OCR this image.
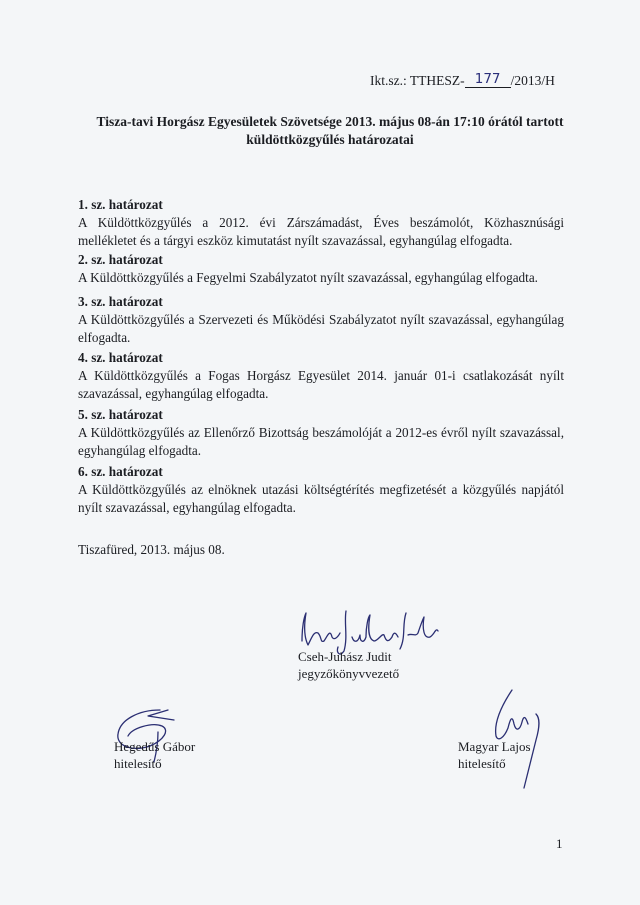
Ikt.sz.: TTHESZ- 177 /2013/H
Tisza-tavi Horgász Egyesületek Szövetsége 2013. május 08-án 17:10 órától tartott
küldöttközgyűlés határozatai
1. sz. határozat

A Küldöttközgyűlés a 2012. évi Zárszámadást, Éves beszámolót, Közhasznúsági mellékletet és a tárgyi eszköz kimutatást nyílt szavazással, egyhangúlag elfogadta.

2. sz. határozat

A Küldöttközgyűlés a Fegyelmi Szabályzatot nyílt szavazással, egyhangúlag elfogadta.

3. sz. határozat

A Küldöttközgyűlés a Szervezeti és Működési Szabályzatot nyílt szavazással, egyhangúlag elfogadta.

4. sz. határozat

A Küldöttközgyűlés a Fogas Horgász Egyesület 2014. január 01-i csatlakozását nyílt szavazással, egyhangúlag elfogadta.

5. sz. határozat

A Küldöttközgyűlés az Ellenőrző Bizottság beszámolóját a 2012-es évről nyílt szavazással, egyhangúlag elfogadta.

6. sz. határozat

A Küldöttközgyűlés az elnöknek utazási költségtérítés megfizetését a közgyűlés napjától nyílt szavazással, egyhangúlag elfogadta.

Tiszafüred, 2013. május 08.
Cseh-Juhász Judit
jegyzőkönyvvezető
Hegedűs Gábor
hitelesítő
Magyar Lajos
hitelesítő
1
